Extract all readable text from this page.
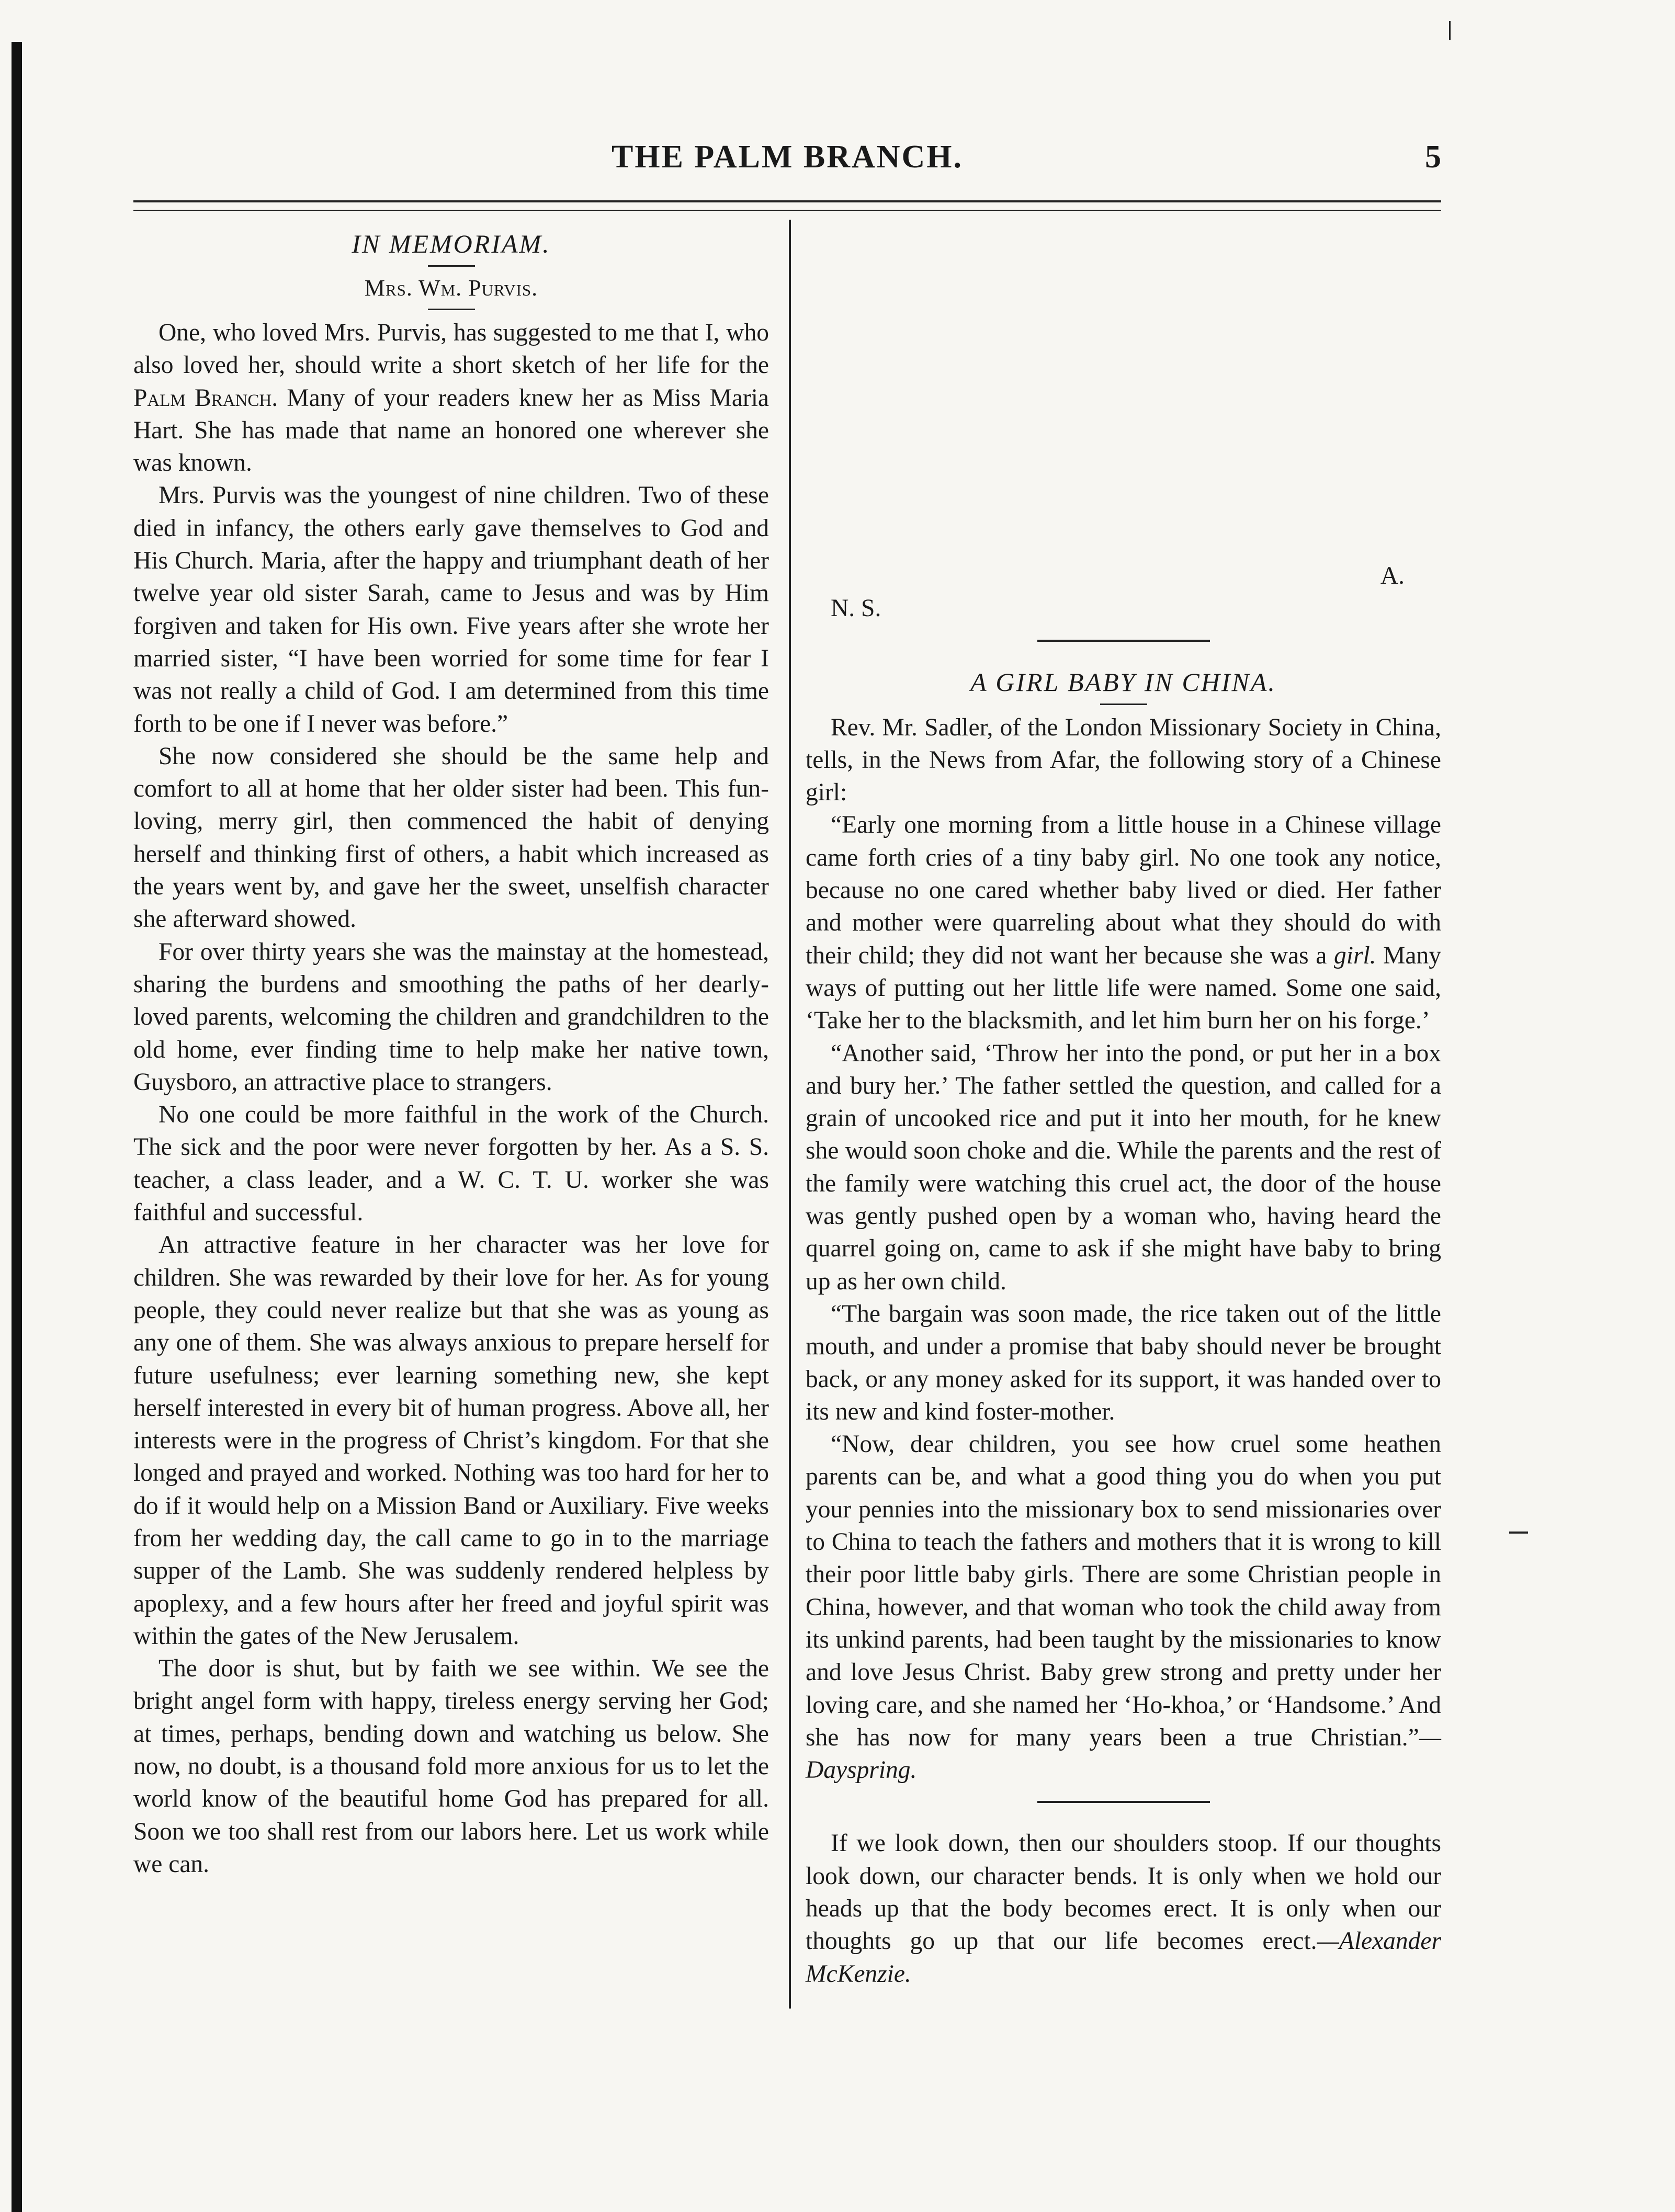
THE PALM BRANCH.	5
IN MEMORIAM.
Mrs. Wm. Purvis.

One, who loved Mrs. Purvis, has suggested to me that I, who also loved her, should write a short sketch of her life for the Palm Branch. Many of your readers knew her as Miss Maria Hart. She has made that name an honored one wherever she was known.

Mrs. Purvis was the youngest of nine children. Two of these died in infancy, the others early gave themselves to God and His Church. Maria, after the happy and triumphant death of her twelve year old sister Sarah, came to Jesus and was by Him forgiven and taken for His own. Five years after she wrote her married sister, “I have been worried for some time for fear I was not really a child of God. I am determined from this time forth to be one if I never was before.”

She now considered she should be the same help and comfort to all at home that her older sister had been. This fun-loving, merry girl, then commenced the habit of denying herself and thinking first of others, a habit which increased as the years went by, and gave her the sweet, unselfish character she afterward showed.

For over thirty years she was the mainstay at the homestead, sharing the burdens and smoothing the paths of her dearly-loved parents, welcoming the children and grandchildren to the old home, ever finding time to help make her native town, Guysboro, an attractive place to strangers.

No one could be more faithful in the work of the Church. The sick and the poor were never forgotten by her. As a S. S. teacher, a class leader, and a W. C. T. U. worker she was faithful and successful.

An attractive feature in her character was her love for children. She was rewarded by their love for her. As for young people, they could never realize but that she was as young as any one of them. She was always anxious to prepare herself for future usefulness; ever learning something new, she kept herself interested in every bit of human progress. Above all, her interests were in the progress of Christ’s kingdom. For that she longed and prayed and worked. Nothing was too hard for her to do if it would help on a Mission Band or Auxiliary. Five weeks from her wedding day, the call came to go in to the marriage supper of the Lamb. She was suddenly rendered helpless by apoplexy, and a few hours after her freed and joyful spirit was within the gates of the New Jerusalem.

The door is shut, but by faith we see within. We see the bright angel form with happy, tireless energy serving her God; at times, perhaps, bending down and watching us below. She now, no doubt, is a thousand fold more anxious for us to let the world know of the beautiful home God has prepared for all. Soon we too shall rest from our labors here. Let us work while we can.

A.
N. S.
A GIRL BABY IN CHINA.

Rev. Mr. Sadler, of the London Missionary Society in China, tells, in the News from Afar, the following story of a Chinese girl:

“Early one morning from a little house in a Chinese village came forth cries of a tiny baby girl. No one took any notice, because no one cared whether baby lived or died. Her father and mother were quarreling about what they should do with their child; they did not want her because she was a girl. Many ways of putting out her little life were named. Some one said, ‘Take her to the blacksmith, and let him burn her on his forge.’

“Another said, ‘Throw her into the pond, or put her in a box and bury her.’ The father settled the question, and called for a grain of uncooked rice and put it into her mouth, for he knew she would soon choke and die. While the parents and the rest of the family were watching this cruel act, the door of the house was gently pushed open by a woman who, having heard the quarrel going on, came to ask if she might have baby to bring up as her own child.

“The bargain was soon made, the rice taken out of the little mouth, and under a promise that baby should never be brought back, or any money asked for its support, it was handed over to its new and kind foster-mother.

“Now, dear children, you see how cruel some heathen parents can be, and what a good thing you do when you put your pennies into the missionary box to send missionaries over to China to teach the fathers and mothers that it is wrong to kill their poor little baby girls. There are some Christian people in China, however, and that woman who took the child away from its unkind parents, had been taught by the missionaries to know and love Jesus Christ. Baby grew strong and pretty under her loving care, and she named her ‘Ho-khoa,’ or ‘Handsome.’ And she has now for many years been a true Christian.”—Dayspring.

If we look down, then our shoulders stoop. If our thoughts look down, our character bends. It is only when we hold our heads up that the body becomes erect. It is only when our thoughts go up that our life becomes erect.—Alexander McKenzie.
